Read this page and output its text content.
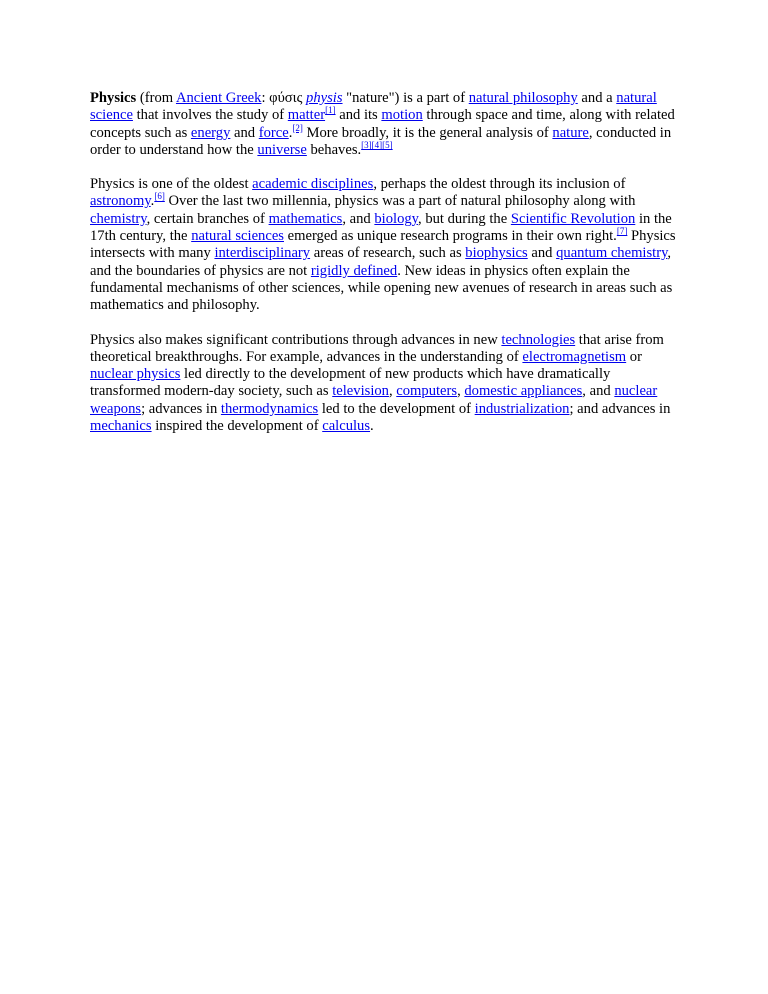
Physics (from Ancient Greek: φύσις physis "nature") is a part of natural philosophy and a natural science that involves the study of matter[1] and its motion through space and time, along with related concepts such as energy and force.[2] More broadly, it is the general analysis of nature, conducted in order to understand how the universe behaves.[3][4][5]

Physics is one of the oldest academic disciplines, perhaps the oldest through its inclusion of astronomy.[6] Over the last two millennia, physics was a part of natural philosophy along with chemistry, certain branches of mathematics, and biology, but during the Scientific Revolution in the 17th century, the natural sciences emerged as unique research programs in their own right.[7] Physics intersects with many interdisciplinary areas of research, such as biophysics and quantum chemistry, and the boundaries of physics are not rigidly defined. New ideas in physics often explain the fundamental mechanisms of other sciences, while opening new avenues of research in areas such as mathematics and philosophy.

Physics also makes significant contributions through advances in new technologies that arise from theoretical breakthroughs. For example, advances in the understanding of electromagnetism or nuclear physics led directly to the development of new products which have dramatically transformed modern-day society, such as television, computers, domestic appliances, and nuclear weapons; advances in thermodynamics led to the development of industrialization; and advances in mechanics inspired the development of calculus.
